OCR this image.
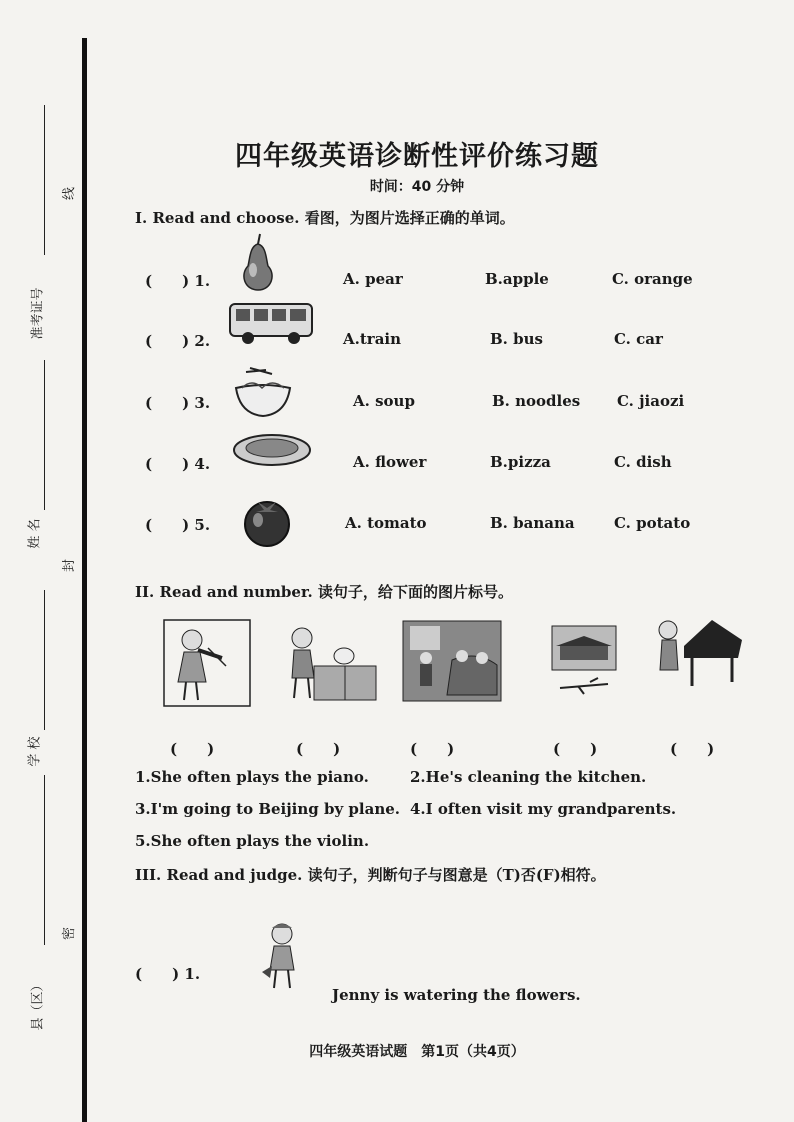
线
准考证号
姓 名
封
学 校
密
县（区）
四年级英语诊断性评价练习题
时间：40 分钟
I. Read and choose. 看图，为图片选择正确的单词。
(　　) 1.	A. pear	B.apple	C. orange
(　　) 2.	A.train	B. bus	C. car
(　　) 3.	A. soup	B. noodles C. jiaozi
(　　) 4.	A. flower	B.pizza	C. dish
(　　) 5.	A. tomato	B. banana	C. potato
II. Read and number. 读句子，给下面的图片标号。
(　　)	(　　)	(　　)	(　　)	(　　)
1.She often plays the piano.	2.He's cleaning the kitchen.
3.I'm going to Beijing by plane. 4.I often visit my grandparents.
5.She often plays the violin.
III. Read and judge. 读句子，判断句子与图意是（T)否(F)相符。
(　　) 1.
Jenny is watering the flowers.
四年级英语试题　第1页（共4页）
